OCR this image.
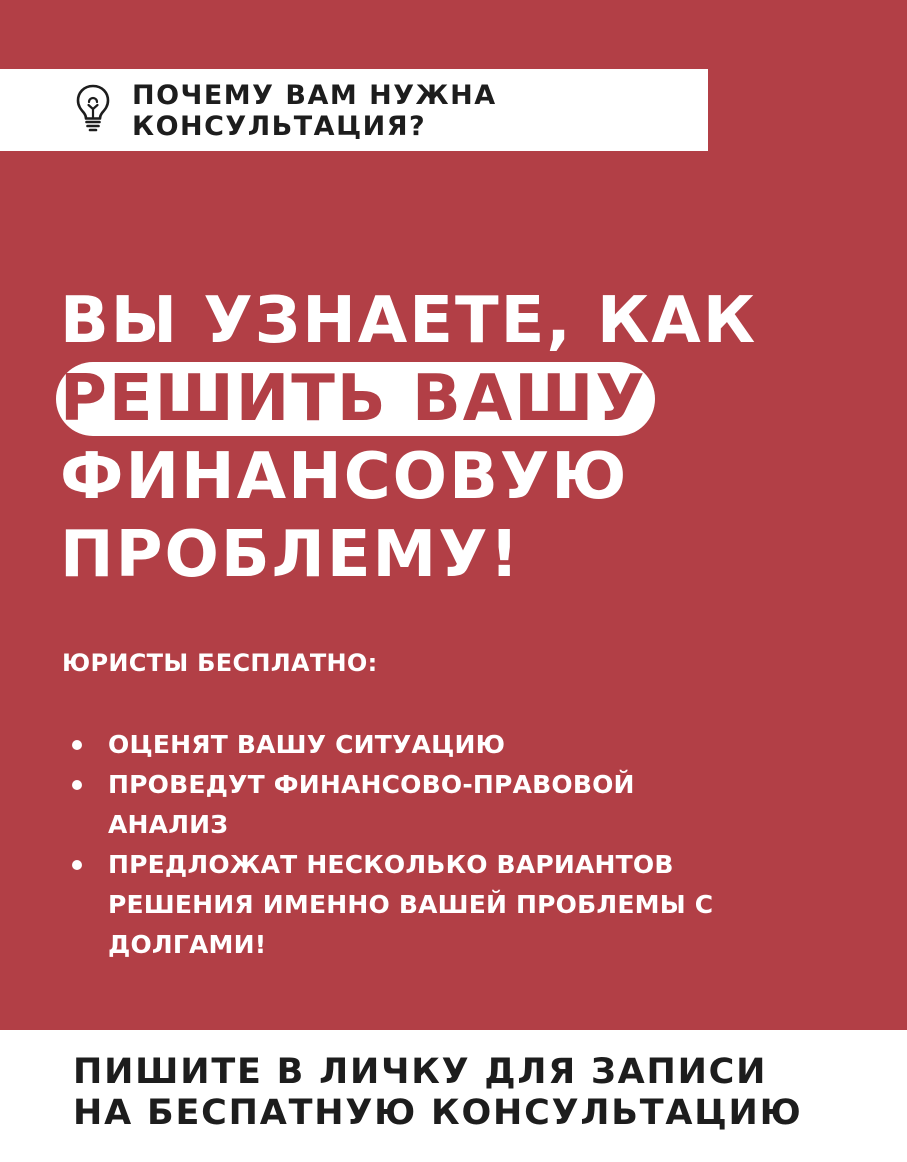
ПОЧЕМУ ВАМ НУЖНА
КОНСУЛЬТАЦИЯ?
ВЫ УЗНАЕТЕ, КАК
РЕШИТЬ ВАШУ
ФИНАНСОВУЮ
ПРОБЛЕМУ!
ЮРИСТЫ БЕСПЛАТНО:
ОЦЕНЯТ ВАШУ СИТУАЦИЮ
ПРОВЕДУТ ФИНАНСОВО-ПРАВОВОЙ
АНАЛИЗ
ПРЕДЛОЖАТ НЕСКОЛЬКО ВАРИАНТОВ
РЕШЕНИЯ ИМЕННО ВАШЕЙ ПРОБЛЕМЫ С
ДОЛГАМИ!
ПИШИТЕ В ЛИЧКУ ДЛЯ ЗАПИСИ
НА БЕСПАТНУЮ КОНСУЛЬТАЦИЮ
